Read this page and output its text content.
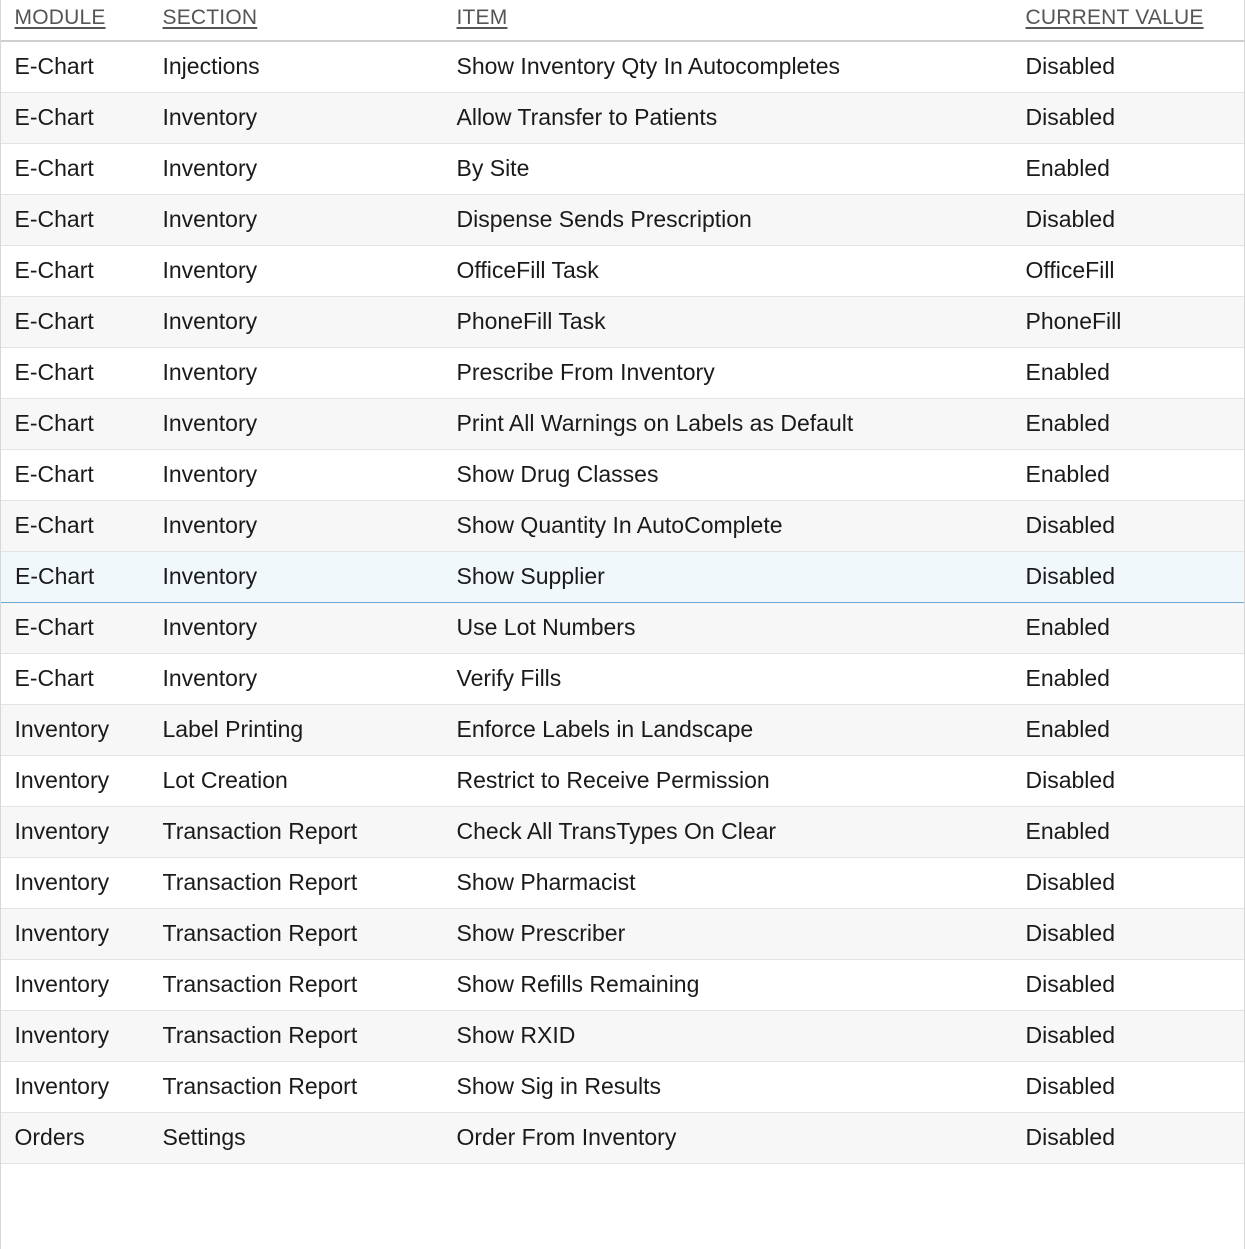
MODULE	SECTION	ITEM	CURRENT VALUE
E-Chart	Injections	Show Inventory Qty In Autocompletes	Disabled
E-Chart	Inventory	Allow Transfer to Patients	Disabled
E-Chart	Inventory	By Site	Enabled
E-Chart	Inventory	Dispense Sends Prescription	Disabled
E-Chart	Inventory	OfficeFill Task	OfficeFill
E-Chart	Inventory	PhoneFill Task	PhoneFill
E-Chart	Inventory	Prescribe From Inventory	Enabled
E-Chart	Inventory	Print All Warnings on Labels as Default	Enabled
E-Chart	Inventory	Show Drug Classes	Enabled
E-Chart	Inventory	Show Quantity In AutoComplete	Disabled
E-Chart	Inventory	Show Supplier	Disabled
E-Chart	Inventory	Use Lot Numbers	Enabled
E-Chart	Inventory	Verify Fills	Enabled
Inventory	Label Printing	Enforce Labels in Landscape	Enabled
Inventory	Lot Creation	Restrict to Receive Permission	Disabled
Inventory	Transaction Report	Check All TransTypes On Clear	Enabled
Inventory	Transaction Report	Show Pharmacist	Disabled
Inventory	Transaction Report	Show Prescriber	Disabled
Inventory	Transaction Report	Show Refills Remaining	Disabled
Inventory	Transaction Report	Show RXID	Disabled
Inventory	Transaction Report	Show Sig in Results	Disabled
Orders	Settings	Order From Inventory	Disabled
